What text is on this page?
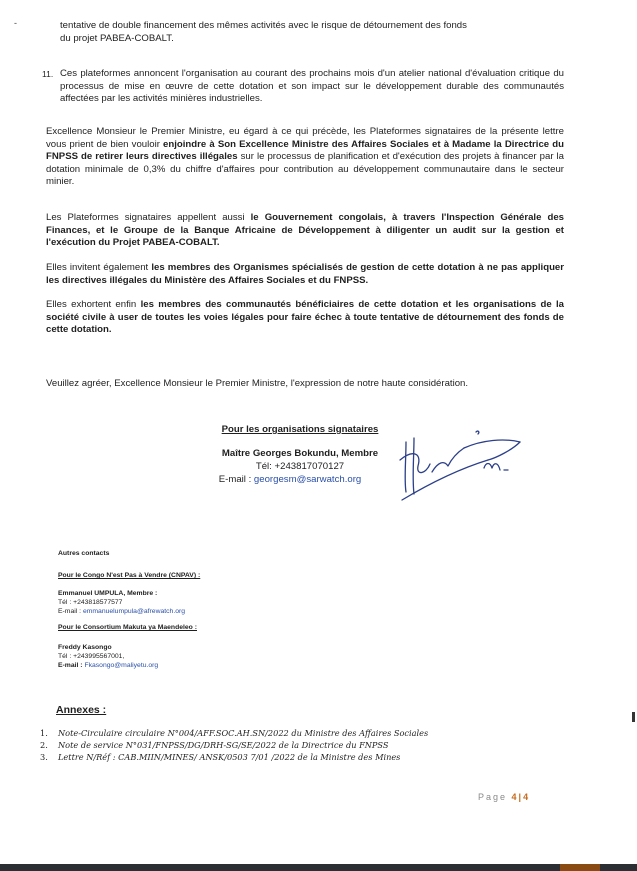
-	tentative de double financement des mêmes activités avec le risque de détournement des fonds
du projet PABEA-COBALT.
11. Ces plateformes annoncent l'organisation au courant des prochains mois d'un atelier national d'évaluation critique du processus de mise en œuvre de cette dotation et son impact sur le développement durable des communautés affectées par les activités minières industrielles.
Excellence Monsieur le Premier Ministre, eu égard à ce qui précède, les Plateformes signataires de la présente lettre vous prient de bien vouloir enjoindre à Son Excellence Ministre des Affaires Sociales et à Madame la Directrice du FNPSS de retirer leurs directives illégales sur le processus de planification et d'exécution des projets à financer par la dotation minimale de 0,3% du chiffre d'affaires pour contribution au développement communautaire dans le secteur minier.
Les Plateformes signataires appellent aussi le Gouvernement congolais, à travers l'Inspection Générale des Finances, et le Groupe de la Banque Africaine de Développement à diligenter un audit sur la gestion et l'exécution du Projet PABEA-COBALT.
Elles invitent également les membres des Organismes spécialisés de gestion de cette dotation à ne pas appliquer les directives illégales du Ministère des Affaires Sociales et du FNPSS.
Elles exhortent enfin les membres des communautés bénéficiaires de cette dotation et les organisations de la société civile à user de toutes les voies légales pour faire échec à toute tentative de détournement des fonds de cette dotation.
Veuillez agréer, Excellence Monsieur le Premier Ministre, l'expression de notre haute considération.
Pour les organisations signataires
Maître Georges Bokundu, Membre
Tél: +243817070127
E-mail : georgesm@sarwatch.org
Autres contacts
Pour le Congo N'est Pas à Vendre (CNPAV) :
Emmanuel UMPULA, Membre :
Tél : +243818577577
E-mail : emmanuelumpula@afrewatch.org
Pour le Consortium Makuta ya Maendeleo :
Freddy Kasongo
Tél : +243995567001,
E-mail : Fkasongo@maliyetu.org
Annexes :
1. Note-Circulaire circulaire N°004/AFF.SOC.AH.SN/2022 du Ministre des Affaires Sociales
2. Note de service N°031/FNPSS/DG/DRH-SG/SE/2022 de la Directrice du FNPSS
3. Lettre N/Réf : CAB.MIIN/MINES/ ANSK/0503 7/01 /2022 de la Ministre des Mines
Page 4|4
